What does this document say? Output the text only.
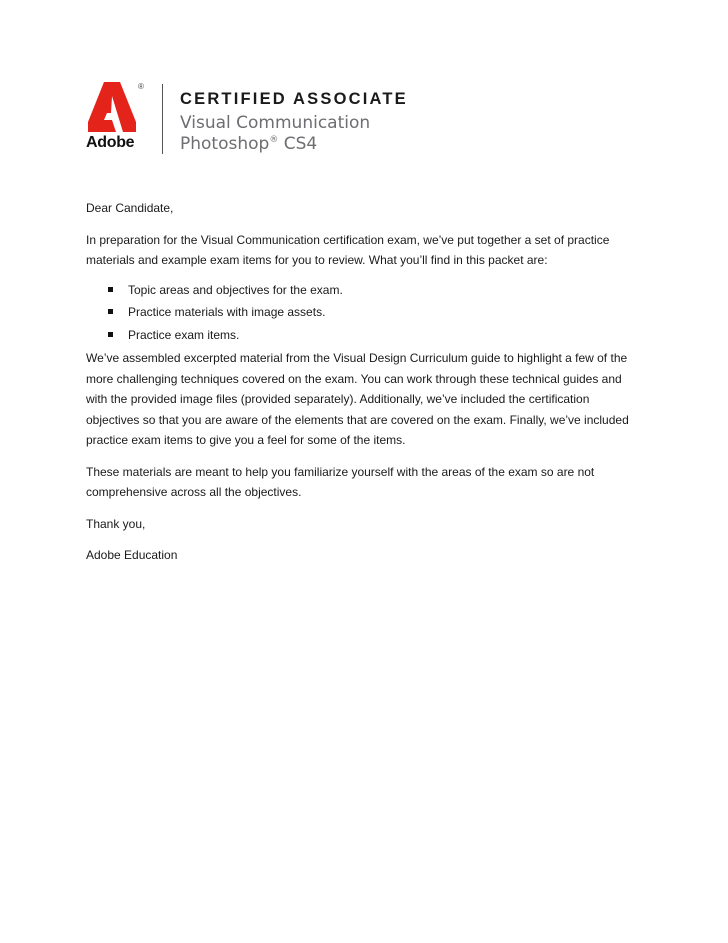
Adobe
®
CERTIFIED ASSOCIATE
Visual Communication
Photoshop® CS4

Dear Candidate,

In preparation for the Visual Communication certification exam, we’ve put together a set of practice materials and example exam items for you to review. What you’ll find in this packet are:

Topic areas and objectives for the exam.
Practice materials with image assets.
Practice exam items.

We’ve assembled excerpted material from the Visual Design Curriculum guide to highlight a few of the more challenging techniques covered on the exam. You can work through these technical guides and with the provided image files (provided separately). Additionally, we’ve included the certification objectives so that you are aware of the elements that are covered on the exam. Finally, we’ve included practice exam items to give you a feel for some of the items.

These materials are meant to help you familiarize yourself with the areas of the exam so are not comprehensive across all the objectives.

Thank you,

Adobe Education
